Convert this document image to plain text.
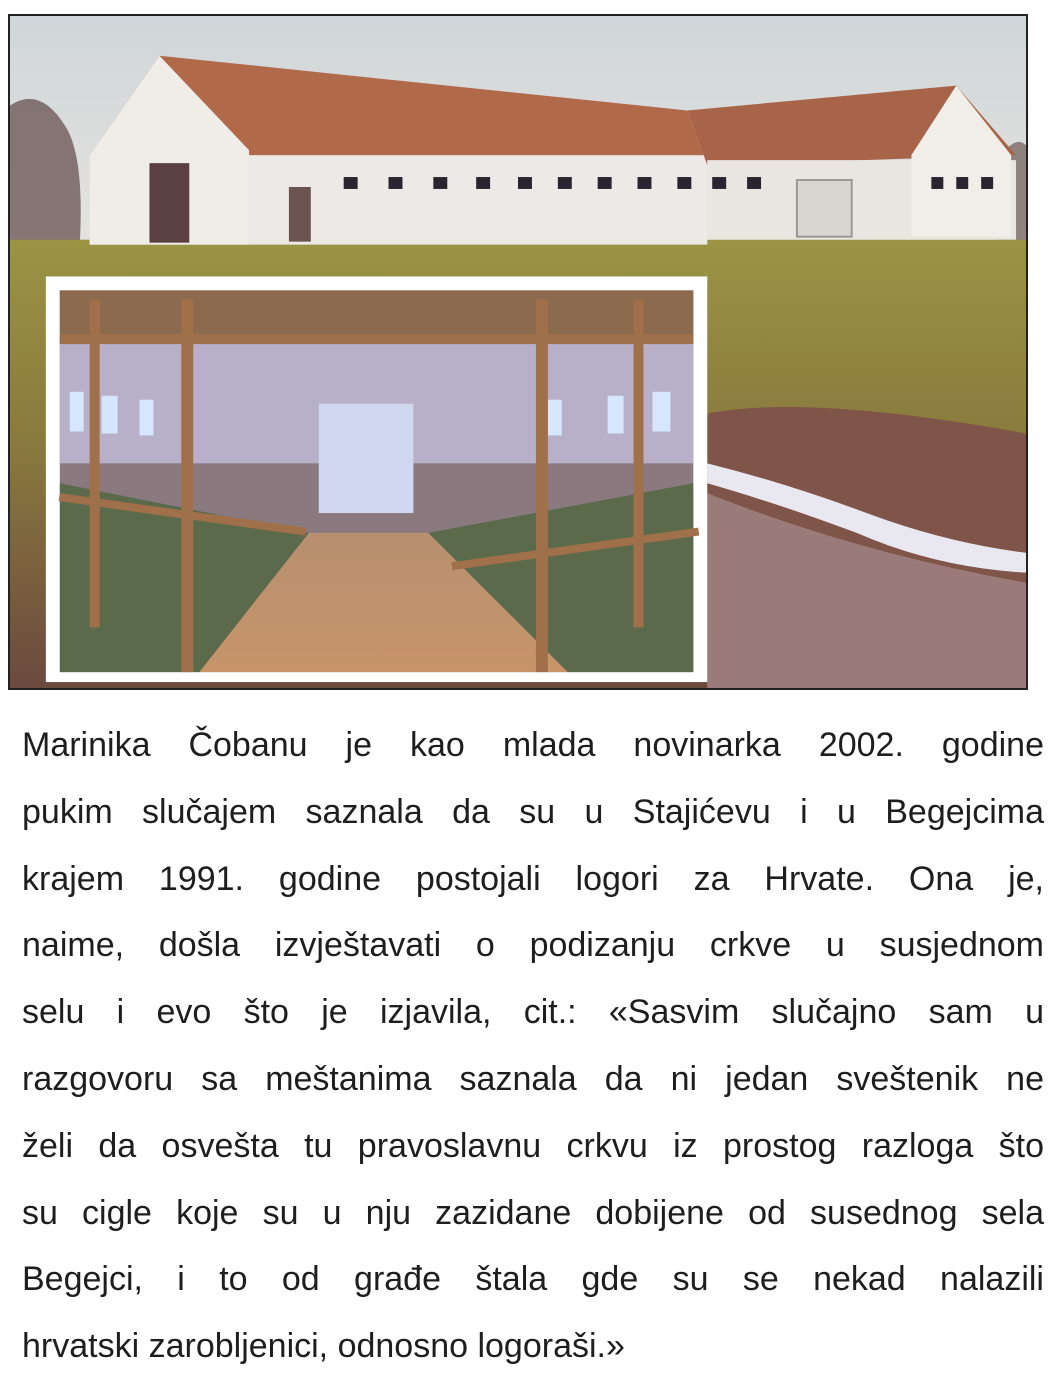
Marinika Čobanu je kao mlada novinarka 2002. godine
pukim slučajem saznala da su u Stajićevu i u Begejcima
krajem 1991. godine postojali logori za Hrvate. Ona je,
naime, došla izvještavati o podizanju crkve u susjednom
selu i evo što je izjavila, cit.: «Sasvim slučajno sam u
razgovoru sa meštanima saznala da ni jedan sveštenik ne
želi da osvešta tu pravoslavnu crkvu iz prostog razloga što
su cigle koje su u nju zazidane dobijene od susednog sela
Begejci, i to od građe štala gde su se nekad nalazili
hrvatski zarobljenici, odnosno logoraši.»
